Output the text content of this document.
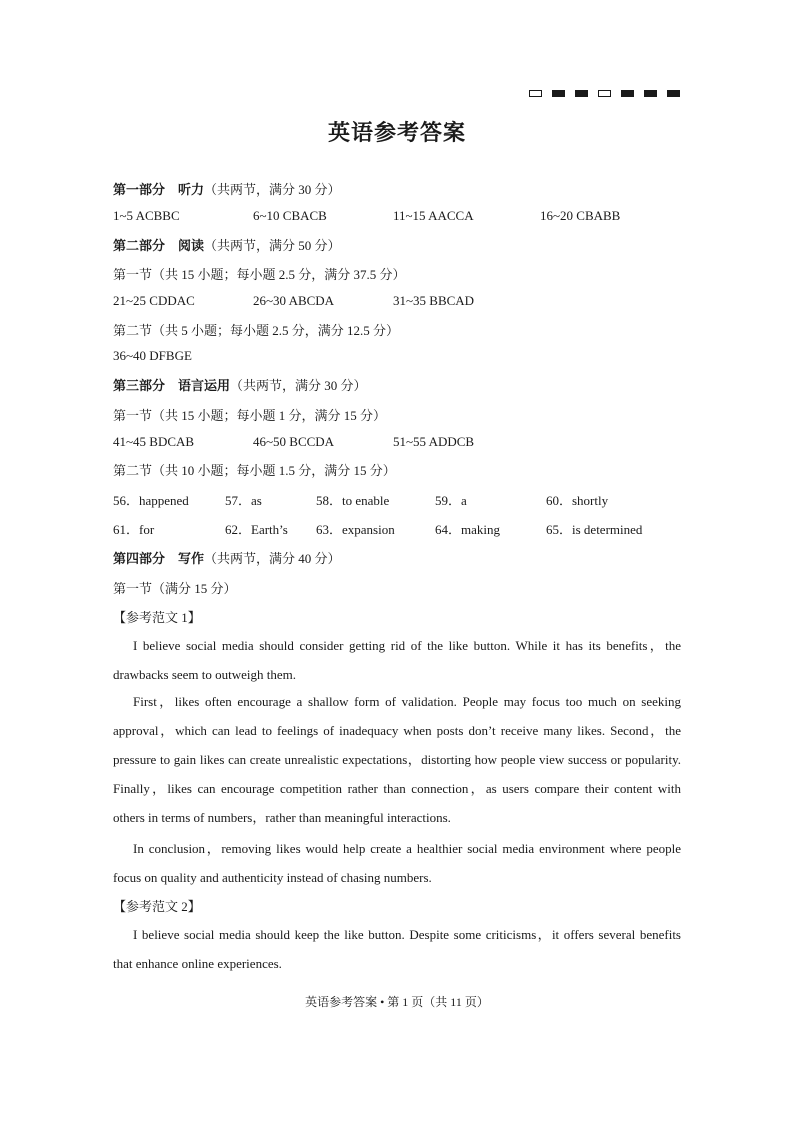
英语参考答案
第一部分　听力（共两节，满分 30 分）
1~5 ACBBC	6~10 CBACB	11~15 AACCA	16~20 CBABB
第二部分　阅读（共两节，满分 50 分）
第一节（共 15 小题；每小题 2.5 分，满分 37.5 分）
21~25 CDDAC	26~30 ABCDA	31~35 BBCAD
第二节（共 5 小题；每小题 2.5 分，满分 12.5 分）
36~40 DFBGE
第三部分　语言运用（共两节，满分 30 分）
第一节（共 15 小题；每小题 1 分，满分 15 分）
41~45 BDCAB	46~50 BCCDA	51~55 ADDCB
第二节（共 10 小题；每小题 1.5 分，满分 15 分）
56．happened	57．as	58．to enable	59．a	60．shortly
61．for	62．Earth’s 63．expansion	64．making	65．is determined
第四部分　写作（共两节，满分 40 分）
第一节（满分 15 分）
【参考范文 1】

I believe social media should consider getting rid of the like button. While it has its benefits，the drawbacks seem to outweigh them.

First，likes often encourage a shallow form of validation. People may focus too much on seeking approval，which can lead to feelings of inadequacy when posts don’t receive many likes. Second，the pressure to gain likes can create unrealistic expectations，distorting how people view success or popularity. Finally，likes can encourage competition rather than connection，as users compare their content with others in terms of numbers，rather than meaningful interactions.

In conclusion，removing likes would help create a healthier social media environment where people focus on quality and authenticity instead of chasing numbers.

【参考范文 2】

I believe social media should keep the like button. Despite some criticisms，it offers several benefits that enhance online experiences.

英语参考答案 • 第 1 页（共 11 页）
